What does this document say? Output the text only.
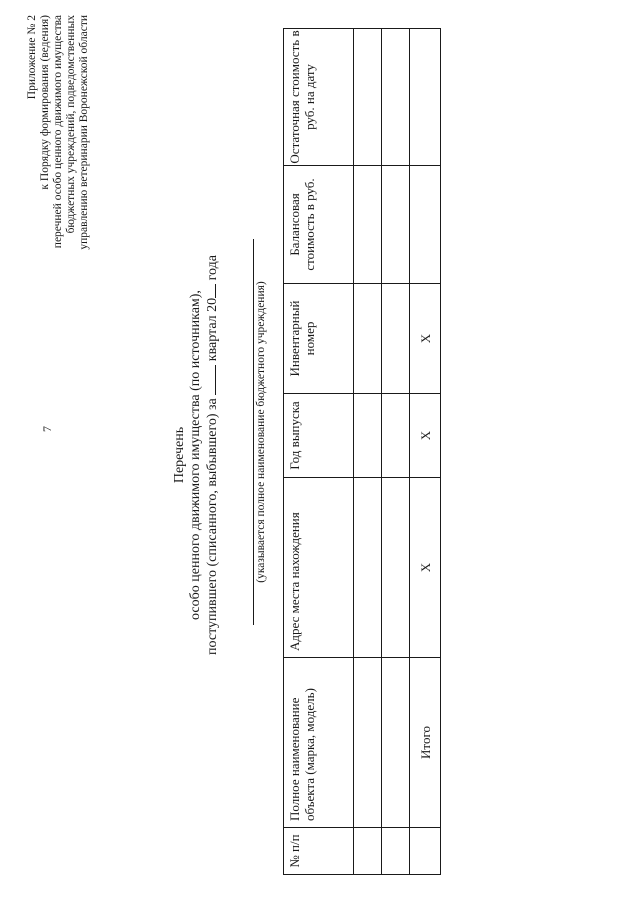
7
Приложение № 2 к Порядку формирования (ведения) перечней особо ценного движимого имущества бюджетных учреждений, подведомственных управлению ветеринарии Воронежской области
Перечень особо ценного движимого имущества (по источникам), поступившего (списанного, выбывшего) за  квартал 20 года
(указывается полное наименование бюджетного учреждения)
№ п/п	Полное наименование объекта (марка, модель)	Адрес места нахождения	Год выпуска	Инвентарный номер	Балансовая стоимость в руб.	Остаточная стоимость в руб. на дату

	Итого	Х	Х	Х		
